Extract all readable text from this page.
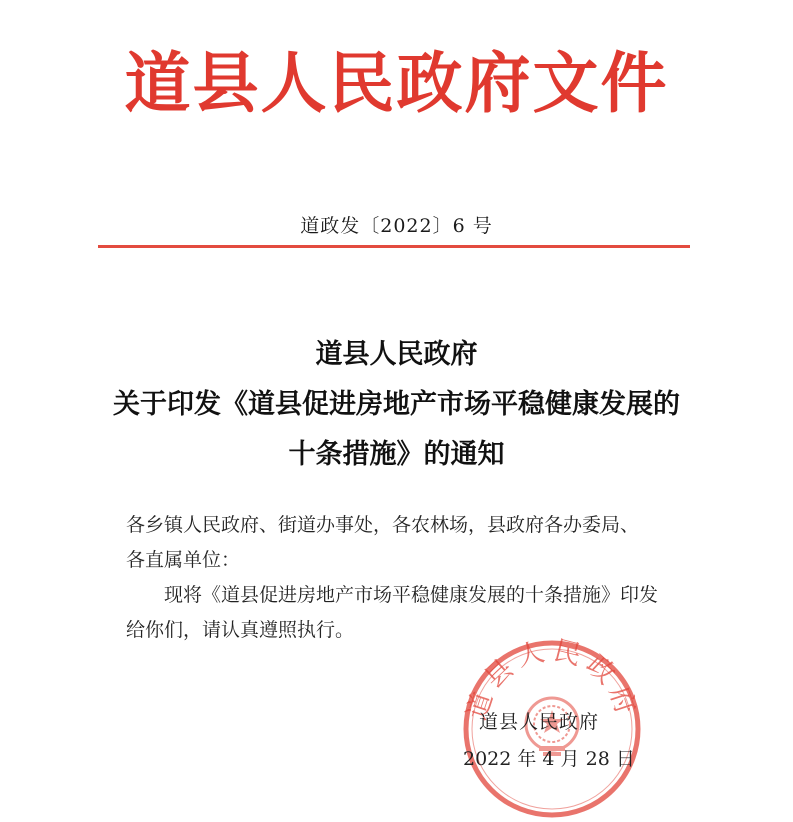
道县人民政府文件
道政发〔2022〕6 号
道县人民政府
关于印发《道县促进房地产市场平稳健康发展的
十条措施》的通知

各乡镇人民政府、街道办事处，各农林场，县政府各办委局、

各直属单位：

现将《道县促进房地产市场平稳健康发展的十条措施》印发

给你们，请认真遵照执行。

道县人民政府
道县人民政府
2022 年 4 月 28 日
